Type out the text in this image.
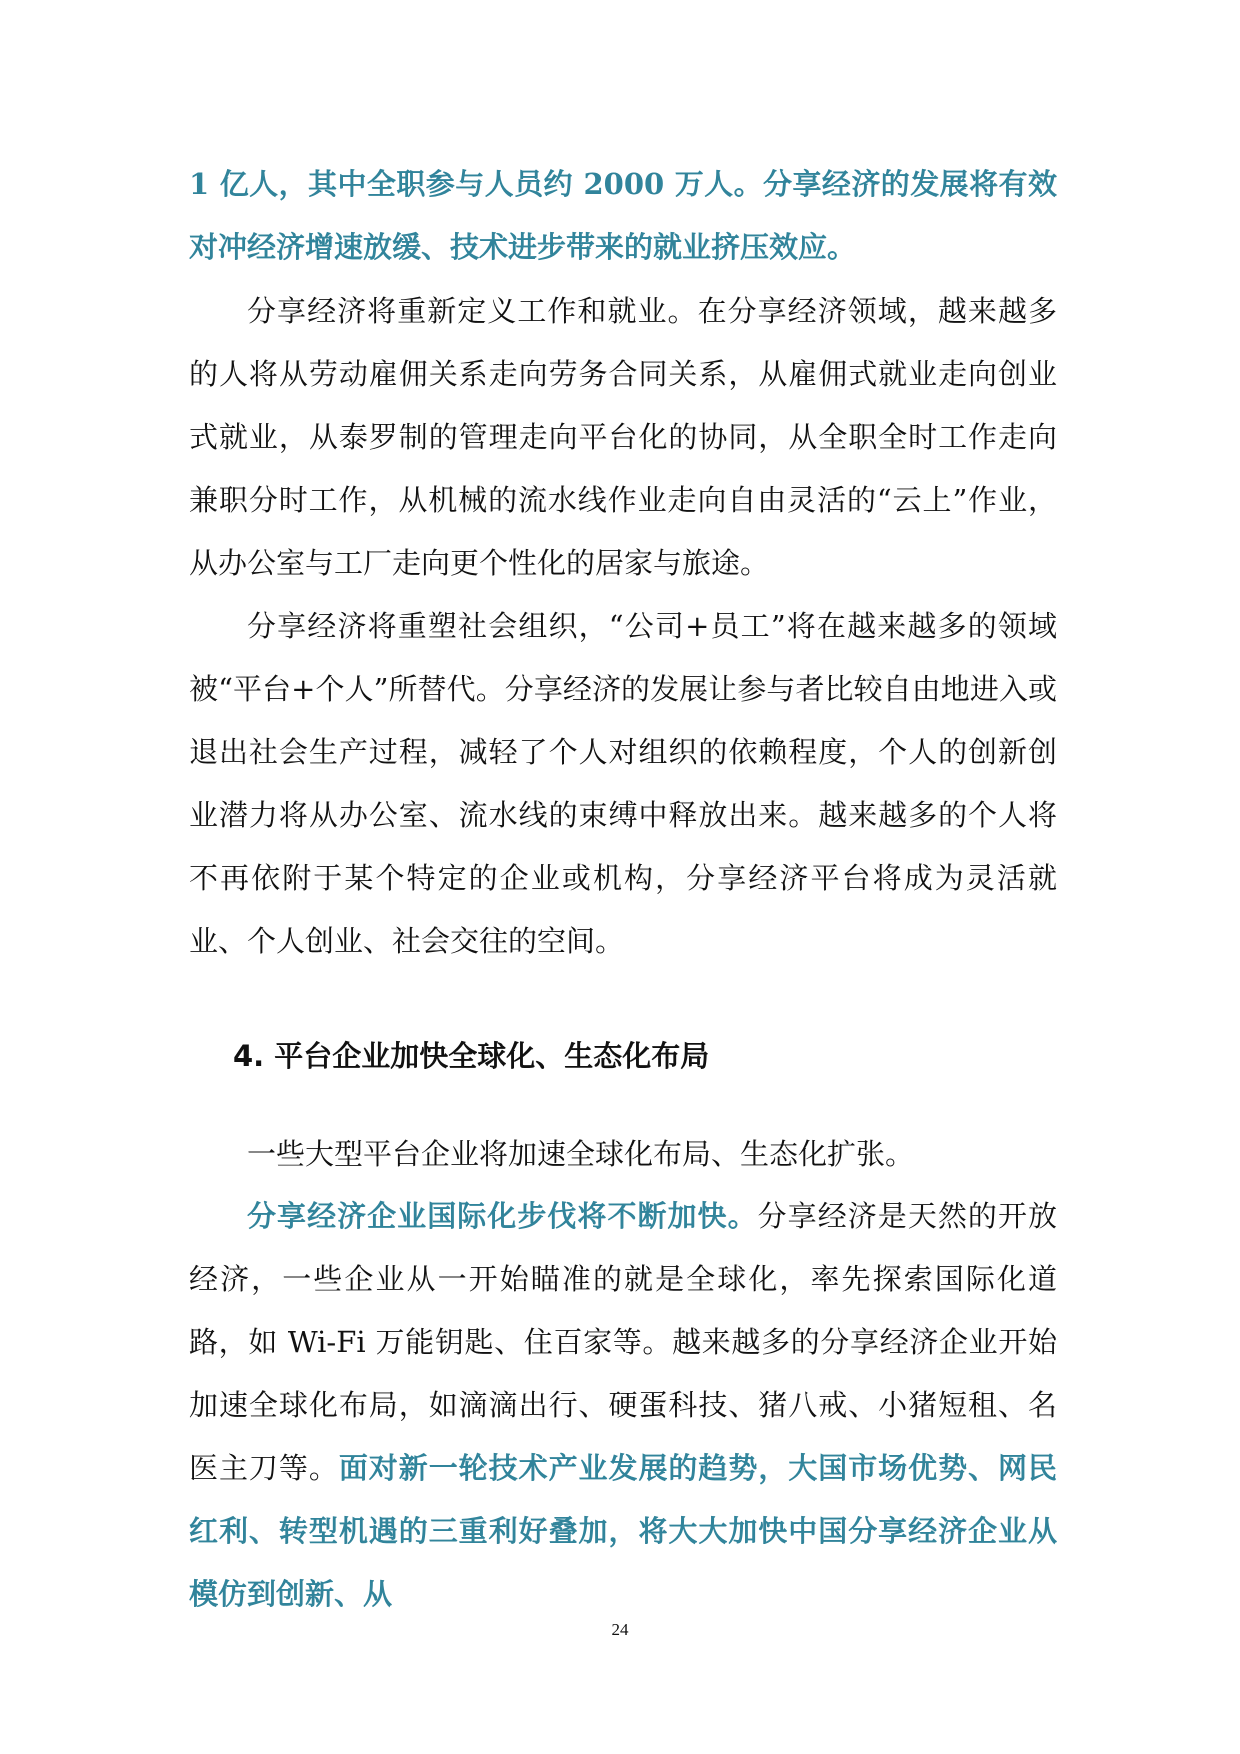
1 亿人，其中全职参与人员约 2000 万人。分享经济的发展将有效对冲经济增速放缓、技术进步带来的就业挤压效应。

分享经济将重新定义工作和就业。在分享经济领域，越来越多的人将从劳动雇佣关系走向劳务合同关系，从雇佣式就业走向创业式就业，从泰罗制的管理走向平台化的协同，从全职全时工作走向兼职分时工作，从机械的流水线作业走向自由灵活的“云上”作业，从办公室与工厂走向更个性化的居家与旅途。

分享经济将重塑社会组织，“公司+员工”将在越来越多的领域被“平台+个人”所替代。分享经济的发展让参与者比较自由地进入或退出社会生产过程，减轻了个人对组织的依赖程度，个人的创新创业潜力将从办公室、流水线的束缚中释放出来。越来越多的个人将不再依附于某个特定的企业或机构，分享经济平台将成为灵活就业、个人创业、社会交往的空间。

4. 平台企业加快全球化、生态化布局

一些大型平台企业将加速全球化布局、生态化扩张。

分享经济企业国际化步伐将不断加快。分享经济是天然的开放经济，一些企业从一开始瞄准的就是全球化，率先探索国际化道路，如 Wi-Fi 万能钥匙、住百家等。越来越多的分享经济企业开始加速全球化布局，如滴滴出行、硬蛋科技、猪八戒、小猪短租、名医主刀等。面对新一轮技术产业发展的趋势，大国市场优势、网民红利、转型机遇的三重利好叠加，将大大加快中国分享经济企业从模仿到创新、从

24
